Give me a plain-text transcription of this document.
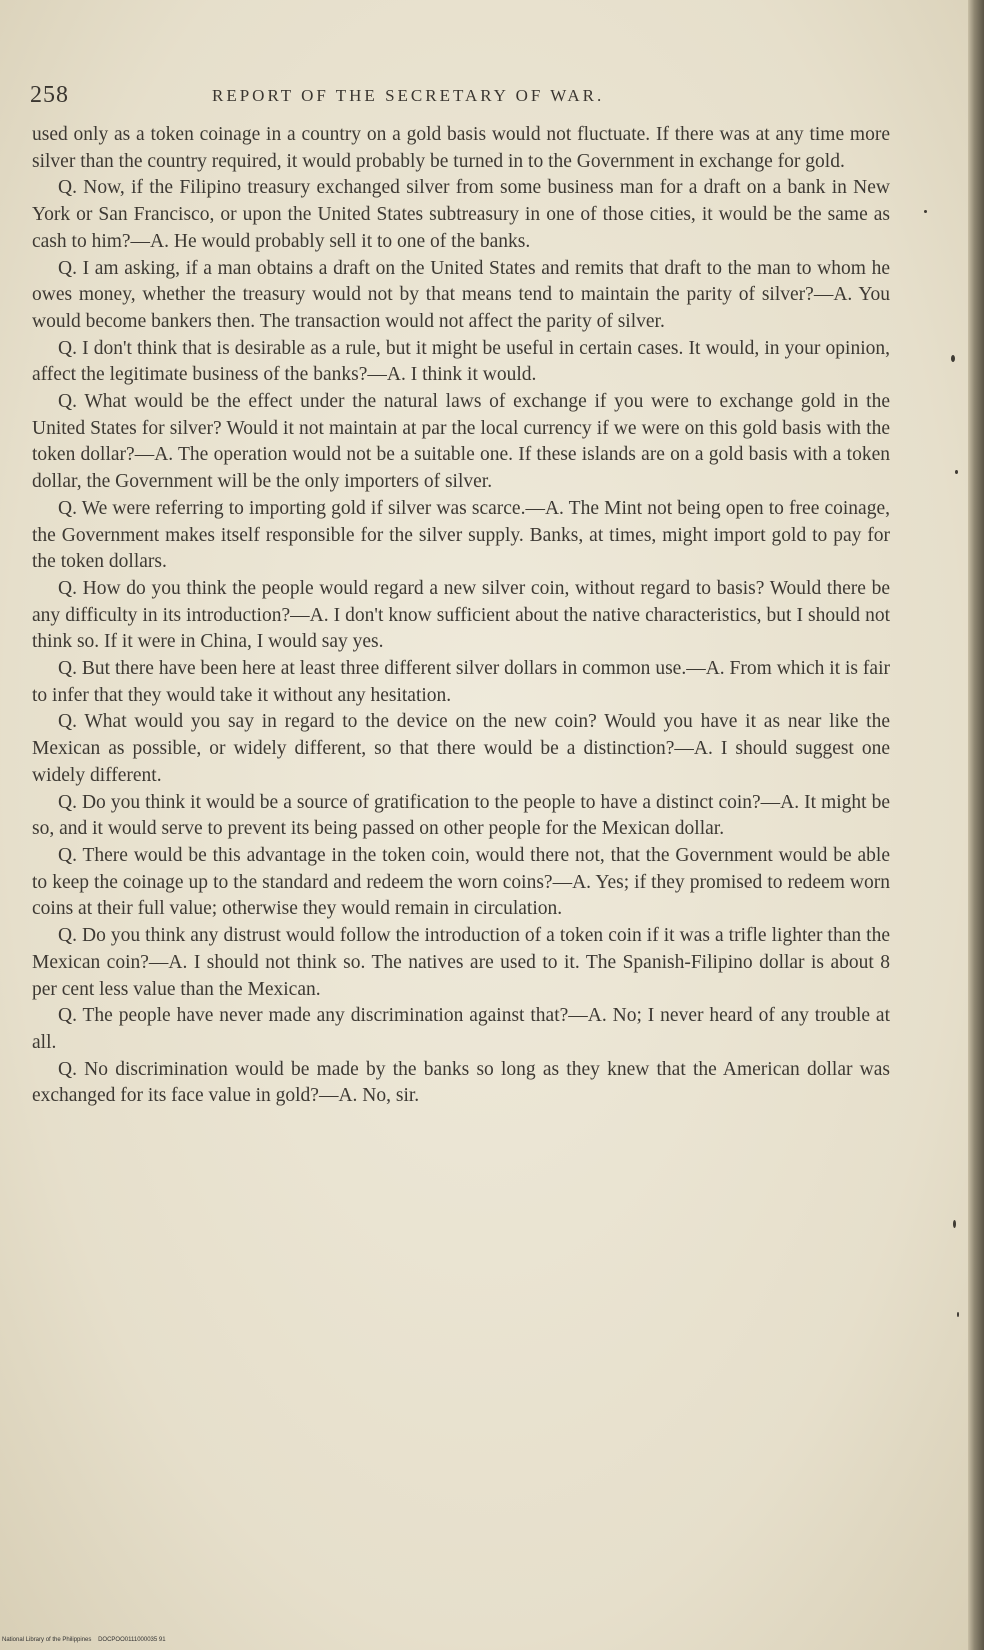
258	REPORT OF THE SECRETARY OF WAR.

used only as a token coinage in a country on a gold basis would not fluctuate. If there was at any time more silver than the country required, it would probably be turned in to the Government in exchange for gold.

Q. Now, if the Filipino treasury exchanged silver from some business man for a draft on a bank in New York or San Francisco, or upon the United States subtreasury in one of those cities, it would be the same as cash to him?—A. He would probably sell it to one of the banks.

Q. I am asking, if a man obtains a draft on the United States and remits that draft to the man to whom he owes money, whether the treasury would not by that means tend to maintain the parity of silver?—A. You would become bankers then. The transaction would not affect the parity of silver.

Q. I don't think that is desirable as a rule, but it might be useful in certain cases. It would, in your opinion, affect the legitimate business of the banks?—A. I think it would.

Q. What would be the effect under the natural laws of exchange if you were to exchange gold in the United States for silver? Would it not maintain at par the local currency if we were on this gold basis with the token dollar?—A. The operation would not be a suitable one. If these islands are on a gold basis with a token dollar, the Government will be the only importers of silver.

Q. We were referring to importing gold if silver was scarce.—A. The Mint not being open to free coinage, the Government makes itself responsible for the silver supply. Banks, at times, might import gold to pay for the token dollars.

Q. How do you think the people would regard a new silver coin, without regard to basis? Would there be any difficulty in its introduction?—A. I don't know sufficient about the native characteristics, but I should not think so. If it were in China, I would say yes.

Q. But there have been here at least three different silver dollars in common use.—A. From which it is fair to infer that they would take it without any hesitation.

Q. What would you say in regard to the device on the new coin? Would you have it as near like the Mexican as possible, or widely different, so that there would be a distinction?—A. I should suggest one widely different.

Q. Do you think it would be a source of gratification to the people to have a distinct coin?—A. It might be so, and it would serve to prevent its being passed on other people for the Mexican dollar.

Q. There would be this advantage in the token coin, would there not, that the Government would be able to keep the coinage up to the standard and redeem the worn coins?—A. Yes; if they promised to redeem worn coins at their full value; otherwise they would remain in circulation.

Q. Do you think any distrust would follow the introduction of a token coin if it was a trifle lighter than the Mexican coin?—A. I should not think so. The natives are used to it. The Spanish-Filipino dollar is about 8 per cent less value than the Mexican.

Q. The people have never made any discrimination against that?—A. No; I never heard of any trouble at all.

Q. No discrimination would be made by the banks so long as they knew that the American dollar was exchanged for its face value in gold?—A. No, sir.

National Library of the Philippines DOCPOO0111000035 91
